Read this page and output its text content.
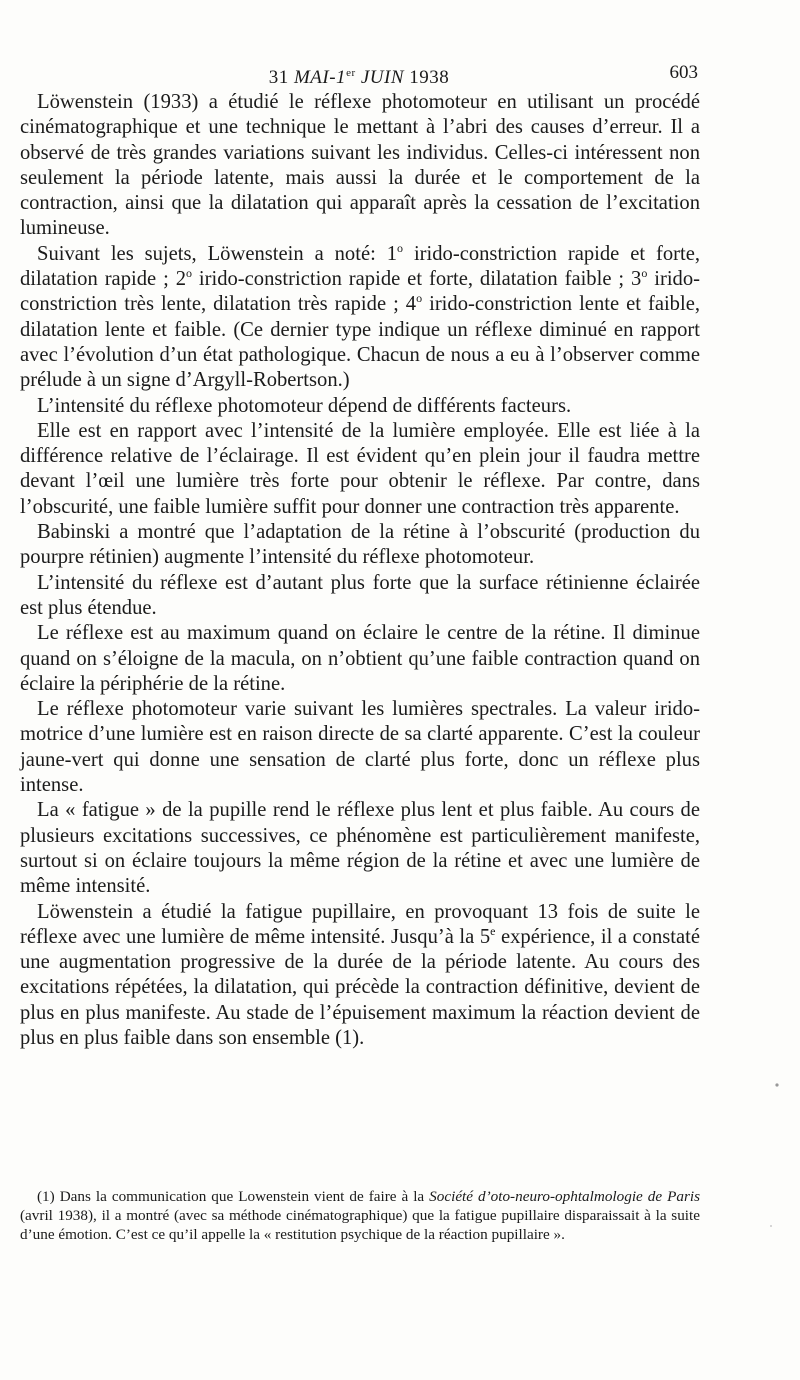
31 MAI-1er JUIN 1938	603

Löwenstein (1933) a étudié le réflexe photomoteur en utilisant un procédé cinématographique et une technique le mettant à l’abri des causes d’erreur. Il a observé de très grandes variations suivant les individus. Celles-ci intéressent non seulement la période latente, mais aussi la durée et le comportement de la contraction, ainsi que la dilatation qui apparaît après la cessation de l’excitation lumineuse.

Suivant les sujets, Löwenstein a noté: 1$^o$ irido-constriction rapide et forte, dilatation rapide ; 2$^o$ irido-constriction rapide et forte, dilatation faible ; 3$^o$ irido-constriction très lente, dilatation très rapide ; 4$^o$ irido-constriction lente et faible, dilatation lente et faible. (Ce dernier type indique un réflexe diminué en rapport avec l’évolution d’un état pathologique. Chacun de nous a eu à l’observer comme prélude à un signe d’Argyll-Robertson.)

L’intensité du réflexe photomoteur dépend de différents facteurs.

Elle est en rapport avec l’intensité de la lumière employée. Elle est liée à la différence relative de l’éclairage. Il est évident qu’en plein jour il faudra mettre devant l’œil une lumière très forte pour obtenir le réflexe. Par contre, dans l’obscurité, une faible lumière suffit pour donner une contraction très apparente.

Babinski a montré que l’adaptation de la rétine à l’obscurité (production du pourpre rétinien) augmente l’intensité du réflexe photomoteur.

L’intensité du réflexe est d’autant plus forte que la surface rétinienne éclairée est plus étendue.

Le réflexe est au maximum quand on éclaire le centre de la rétine. Il diminue quand on s’éloigne de la macula, on n’obtient qu’une faible contraction quand on éclaire la périphérie de la rétine.

Le réflexe photomoteur varie suivant les lumières spectrales. La valeur irido-motrice d’une lumière est en raison directe de sa clarté apparente. C’est la couleur jaune-vert qui donne une sensation de clarté plus forte, donc un réflexe plus intense.

La « fatigue » de la pupille rend le réflexe plus lent et plus faible. Au cours de plusieurs excitations successives, ce phénomène est particulièrement manifeste, surtout si on éclaire toujours la même région de la rétine et avec une lumière de même intensité.

Löwenstein a étudié la fatigue pupillaire, en provoquant 13 fois de suite le réflexe avec une lumière de même intensité. Jusqu’à la 5e expérience, il a constaté une augmentation progressive de la durée de la période latente. Au cours des excitations répétées, la dilatation, qui précède la contraction définitive, devient de plus en plus manifeste. Au stade de l’épuisement maximum la réaction devient de plus en plus faible dans son ensemble (1).

(1) Dans la communication que Lowenstein vient de faire à la Société d’oto-neuro-ophtalmologie de Paris (avril 1938), il a montré (avec sa méthode cinématographique) que la fatigue pupillaire disparaissait à la suite d’une émotion. C’est ce qu’il appelle la « restitution psychique de la réaction pupillaire ».
